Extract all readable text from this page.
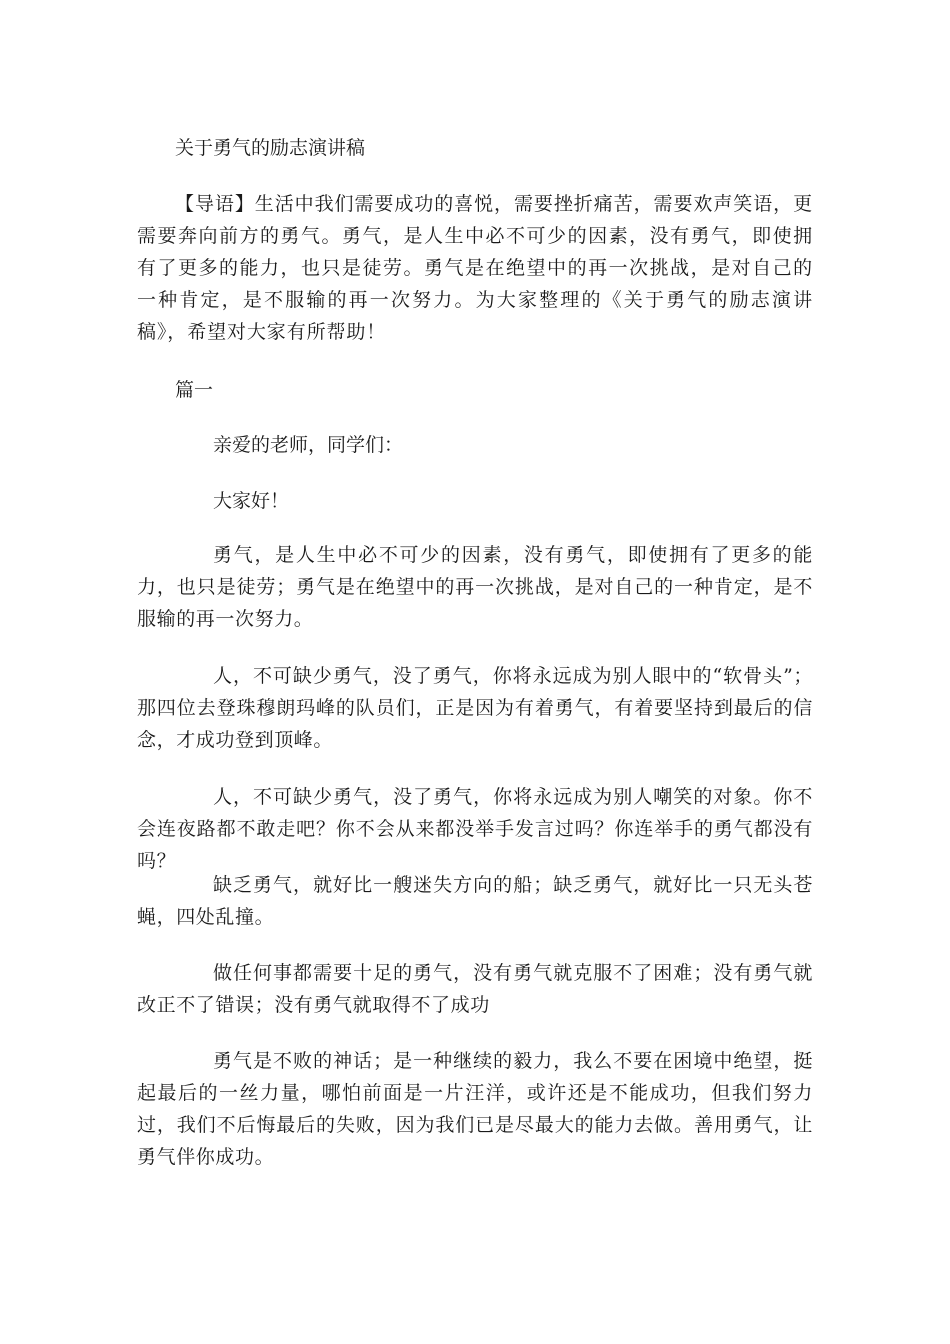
关于勇气的励志演讲稿
【导语】生活中我们需要成功的喜悦，需要挫折痛苦，需要欢声笑语，更需要奔向前方的勇气。勇气，是人生中必不可少的因素，没有勇气，即使拥有了更多的能力，也只是徒劳。勇气是在绝望中的再一次挑战，是对自己的一种肯定，是不服输的再一次努力。为大家整理的《关于勇气的励志演讲稿》，希望对大家有所帮助！
篇一
亲爱的老师，同学们：
大家好！
勇气，是人生中必不可少的因素，没有勇气，即使拥有了更多的能力，也只是徒劳；勇气是在绝望中的再一次挑战，是对自己的一种肯定，是不服输的再一次努力。
人，不可缺少勇气，没了勇气，你将永远成为别人眼中的“软骨头”；那四位去登珠穆朗玛峰的队员们，正是因为有着勇气，有着要坚持到最后的信念，才成功登到顶峰。
人，不可缺少勇气，没了勇气，你将永远成为别人嘲笑的对象。你不会连夜路都不敢走吧？你不会从来都没举手发言过吗？你连举手的勇气都没有吗？
缺乏勇气，就好比一艘迷失方向的船；缺乏勇气，就好比一只无头苍蝇，四处乱撞。
做任何事都需要十足的勇气，没有勇气就克服不了困难；没有勇气就改正不了错误；没有勇气就取得不了成功
勇气是不败的神话；是一种继续的毅力，我么不要在困境中绝望，挺起最后的一丝力量，哪怕前面是一片汪洋，或许还是不能成功，但我们努力过，我们不后悔最后的失败，因为我们已是尽最大的能力去做。善用勇气，让勇气伴你成功。
